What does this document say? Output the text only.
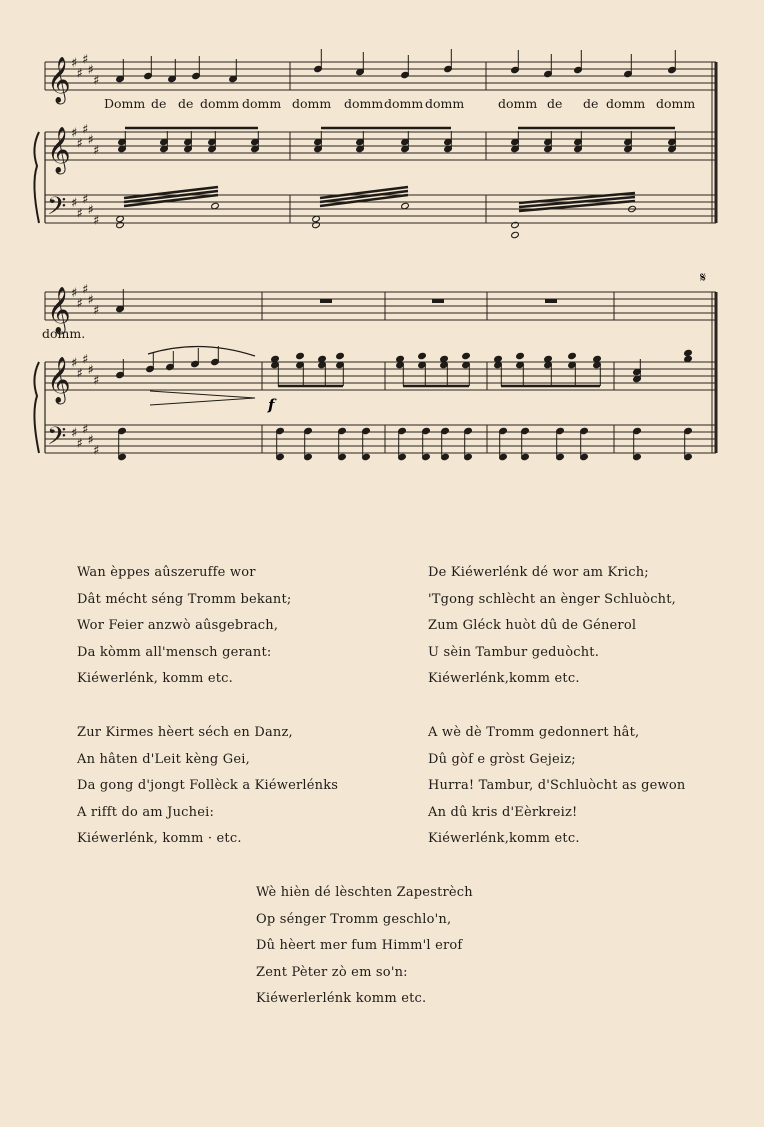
𝄞
𝄞
𝄢
♯
♯
♯
♯
♯
♯
♯
♯
♯
♯
♯
♯
♯
♯
♯
Domm de de domm domm domm domm domm domm	domm de de domm domm
𝄞
𝄞
𝄢
♯
♯
♯
♯
♯
♯
♯
♯
♯
♯
♯
♯
♯
♯
♯
domm.
f
𝄋
Wan èppes aûszeruffe wor
Dât mécht séng Tromm bekant;
Wor Feier anzwò aûsgebrach,
Da kòmm all'mensch gerant:
Kiéwerlénk, komm etc.
De Kiéwerlénk dé wor am Krich;
'Tgong schlècht an ènger Schluòcht,
Zum Gléck huòt dû de Génerol
U sèin Tambur geduòcht.
Kiéwerlénk,komm etc.
Zur Kirmes hèert séch en Danz,
An hâten d'Leit kèng Gei,
Da gong d'jongt Follèck a Kiéwerlénks
A rifft do am Juchei:
Kiéwerlénk, komm · etc.
A wè dè Tromm gedonnert hât,
Dû gòf e gròst Gejeiz;
Hurra! Tambur, d'Schluòcht as gewon
An dû kris d'Eèrkreiz!
Kiéwerlénk,komm etc.
Wè hièn dé lèschten Zapestrèch
Op sénger Tromm geschlo'n,
Dû hèert mer fum Himm'l erof
Zent Pèter zò em so'n:
Kiéwerlerlénk komm etc.
